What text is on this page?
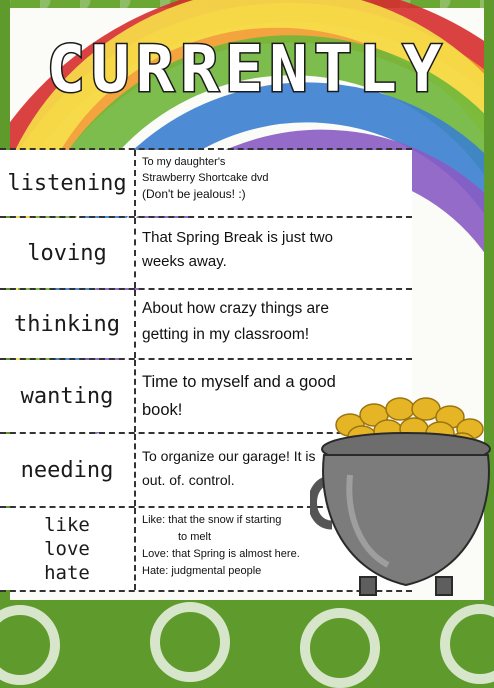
CURRENTLY
listening
To my daughter's
Strawberry Shortcake dvd
(Don't be jealous! :)
loving
That Spring Break is just two
weeks away.
thinking
About how crazy things are
getting in my classroom!
wanting
Time to myself and a good
book!
needing
To organize our garage! It is
out. of. control.
like
love
hate
Like: that the snow if starting
to melt
Love: that Spring is almost here.
Hate: judgmental people
